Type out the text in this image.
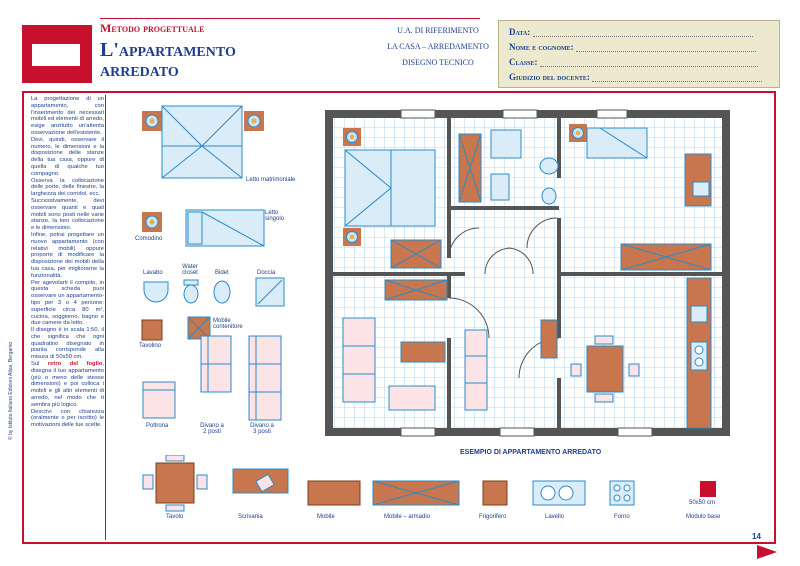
Metodo progettuale
L'appartamento
arredato
U.A. DI RIFERIMENTO
LA CASA – ARREDAMENTO
DISEGNO TECNICO
Data:
Nome e cognome:
Classe:
Giudizio del docente:
La progettazione di un appartamento, con l'inserimento dei necessari mobili ed elementi di arredo, esige anzitutto un'attenta osservazione dell'esistente.
Devi, quindi, osservare il numero, le dimensioni e la disposizione delle stanze della tua casa, oppure di quella di qualche tuo compagno.
Osserva la collocazione delle porte, delle finestre, la larghezza dei corridoi, ecc.
Successivamente, devi osservare quanti e quali mobili sono posti nelle varie stanze, la loro collocazione e le dimensioni.
Infine, potrai progettare un nuovo appartamento (con relativi mobili) oppure proporre di modificare la disposizione dei mobili della tua casa, per migliorarne la funzionalità.
Per agevolarti il compito, in questa scheda puoi osservare un appartamento-tipo per 3 o 4 persone: superficie circa 80 m², cucina, soggiorno, bagno e due camere da letto.
Il disegno è in scala 1:50, il che significa che ogni quadratino disegnato in pianta corrisponde alla misura di 50x50 cm.
Sul retro del foglio, disegna il tuo appartamento (più o meno delle stesse dimensioni) e poi colloca i mobili e gli altri elementi di arredo, nel modo che ti sembra più logico.
Descrivi con chiarezza (oralmente o per iscritto) le motivazioni delle tue scelte.
© by Istituto Italiano Edizioni Atlas, Bergamo
Letto matrimoniale
Letto singolo
Comodino
Lavabo
Water closet	Bidet	Doccia
Mobile contenitore
Tavolino
Poltrona	Divano a 2 posti
Divano a 3 posti
ESEMPIO DI APPARTAMENTO ARREDATO
Tavolo	Scrivania	Mobile	Mobile – armadio	Frigorifero	Lavello	Forno
50x50 cm
Modulo base
14
